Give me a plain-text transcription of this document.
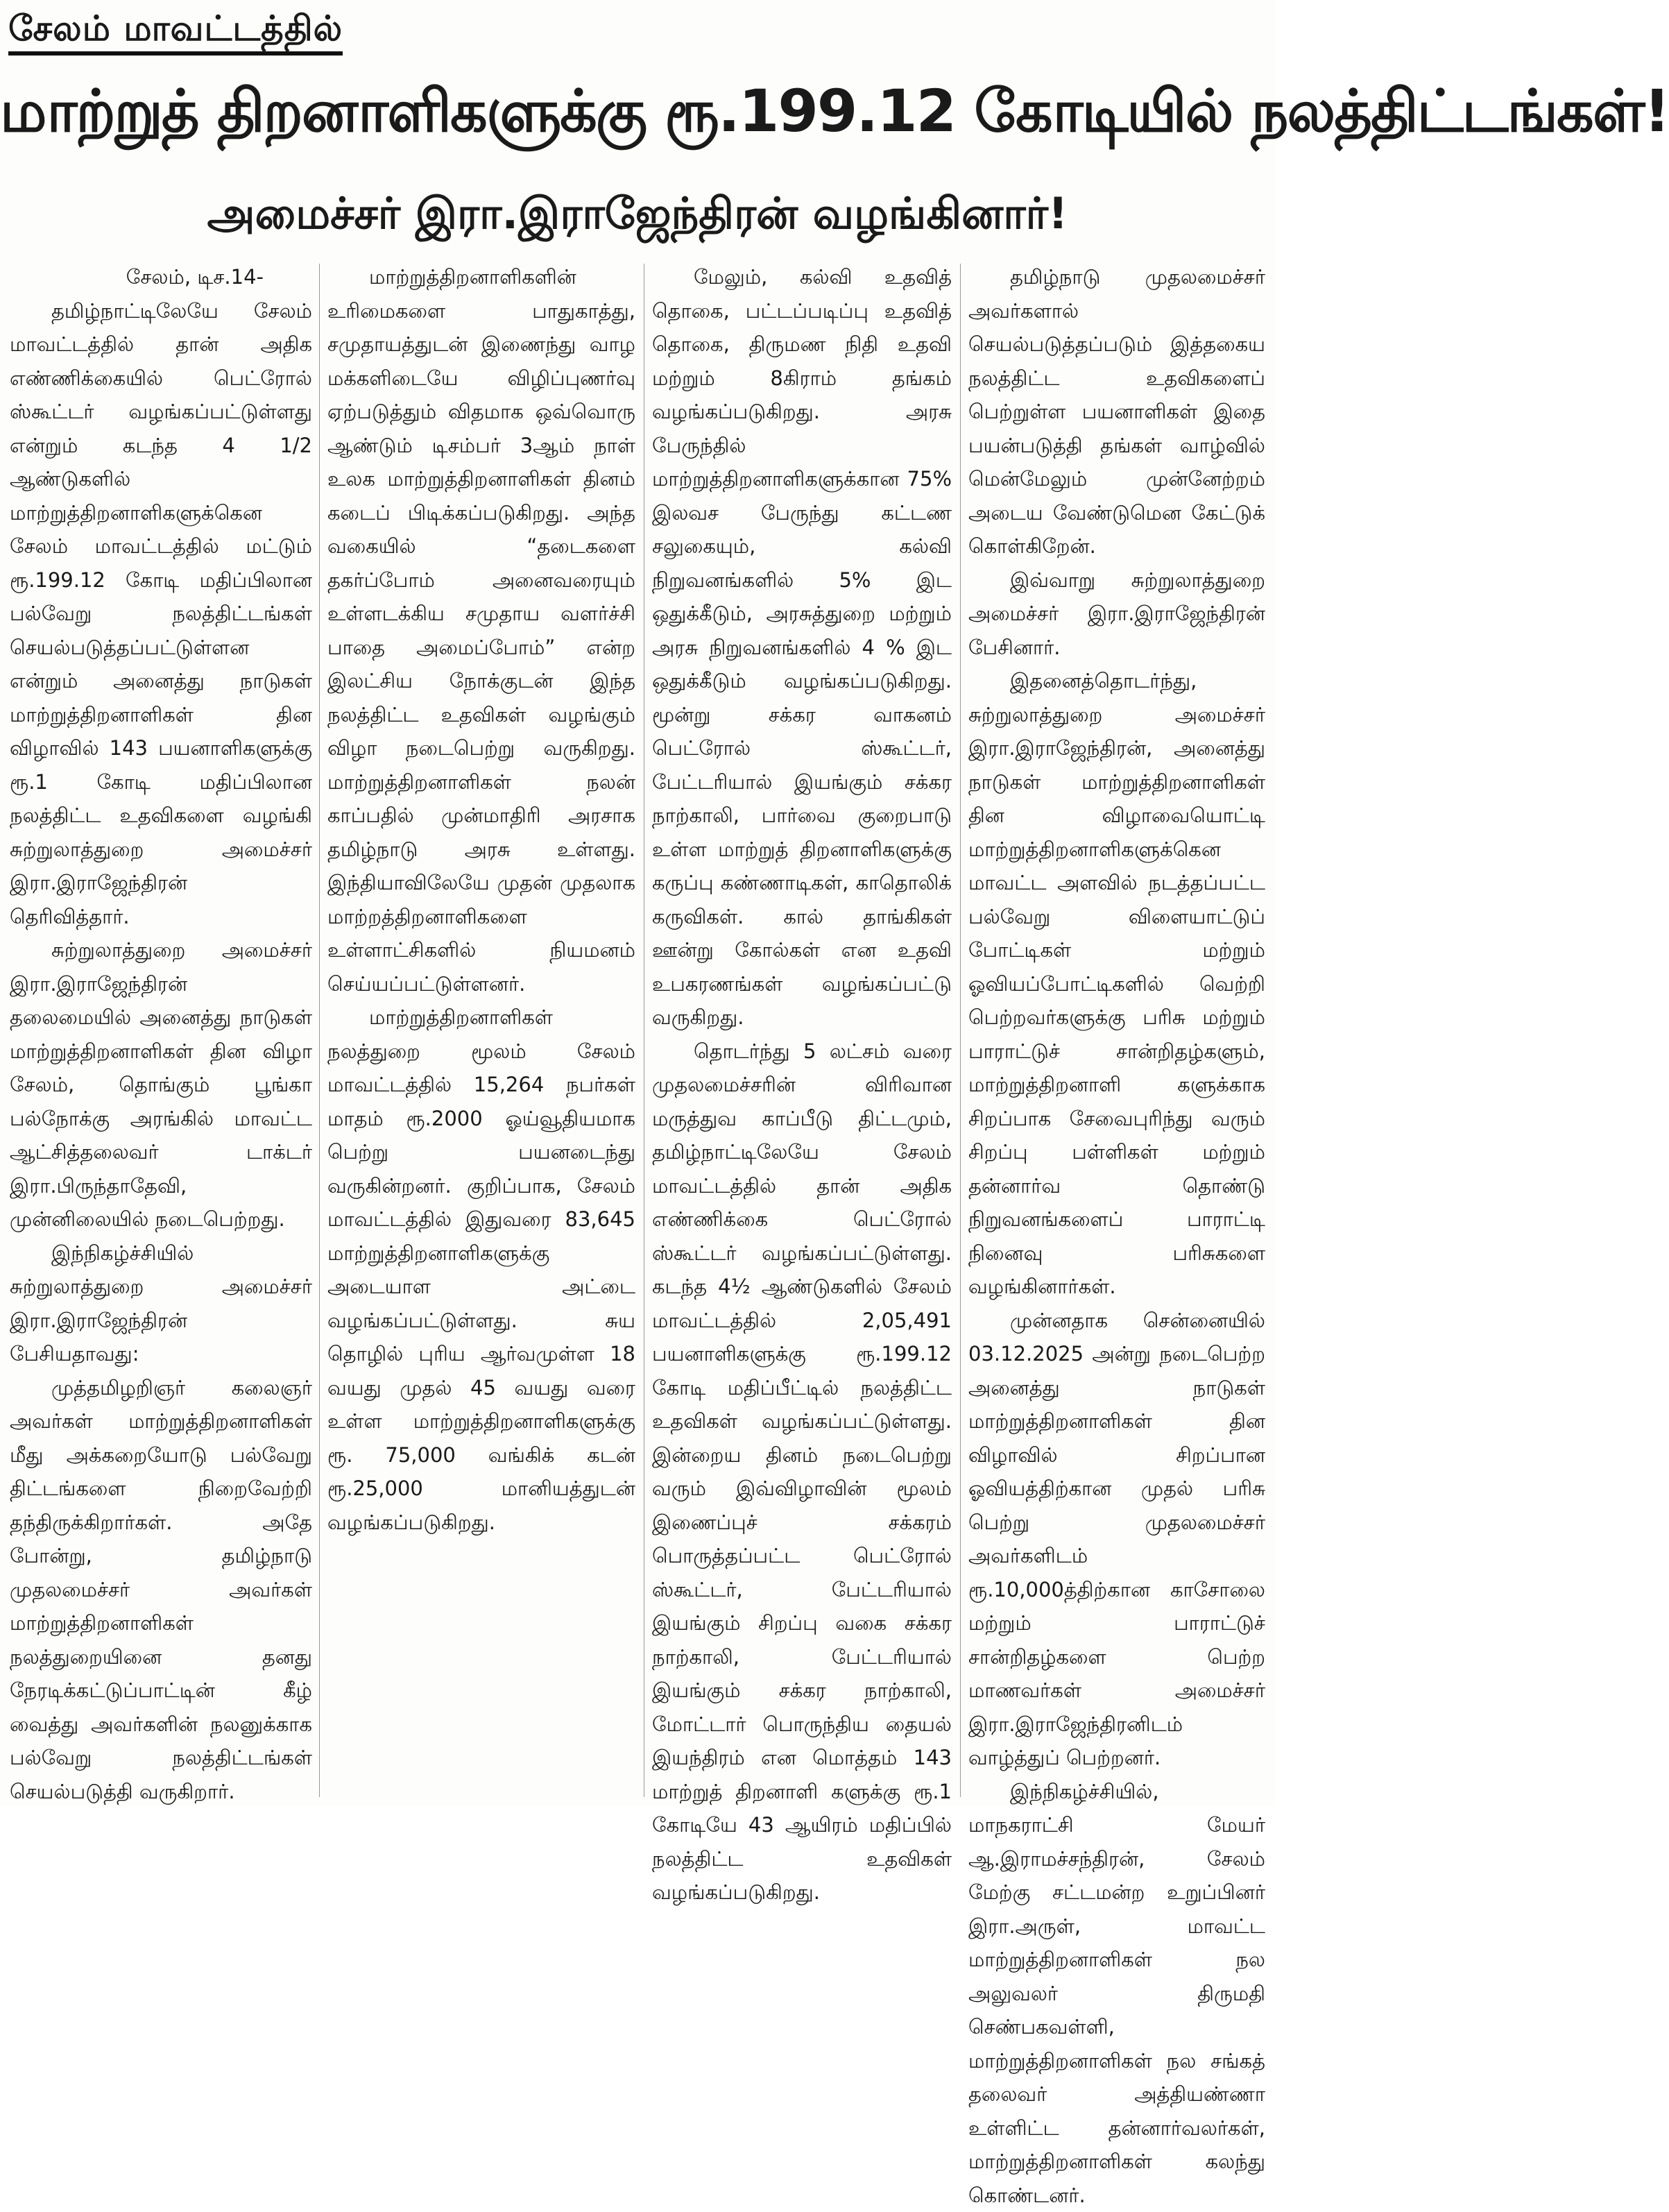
சேலம் மாவட்டத்தில்
மாற்றுத் திறனாளிகளுக்கு ரூ.199.12 கோடியில் நலத்திட்டங்கள்!
அமைச்சர் இரா.இராஜேந்திரன் வழங்கினார்!

சேலம், டிச.14-

தமிழ்நாட்டிலேயே சேலம் மாவட்டத்தில் தான் அதிக எண்ணிக்கையில் பெட்ரோல் ஸ்கூட்டர் வழங்கப்பட்டுள்ளது என்றும் கடந்த 4 1/2 ஆண்டுகளில் மாற்றுத்திறனாளிகளுக்கென சேலம் மாவட்டத்தில் மட்டும் ரூ.199.12 கோடி மதிப்பிலான பல்வேறு நலத்திட்டங்கள் செயல்படுத்தப்பட்டுள்ளன என்றும் அனைத்து நாடுகள் மாற்றுத்திறனாளிகள் தின விழாவில் 143 பயனாளிகளுக்கு ரூ.1 கோடி மதிப்பிலான நலத்திட்ட உதவிகளை வழங்கி சுற்றுலாத்துறை அமைச்சர் இரா.இராஜேந்திரன் தெரிவித்தார்.

சுற்றுலாத்துறை அமைச்சர் இரா.இராஜேந்திரன் தலைமையில் அனைத்து நாடுகள் மாற்றுத்திறனாளிகள் தின விழா சேலம், தொங்கும் பூங்கா பல்நோக்கு அரங்கில் மாவட்ட ஆட்சித்தலைவர் டாக்டர் இரா.பிருந்தாதேவி, முன்னிலையில் நடைபெற்றது.

இந்நிகழ்ச்சியில் சுற்றுலாத்துறை அமைச்சர் இரா.இராஜேந்திரன் பேசியதாவது:

முத்தமிழறிஞர் கலைஞர் அவர்கள் மாற்றுத்திறனாளிகள் மீது அக்கறையோடு பல்வேறு திட்டங்களை நிறைவேற்றி தந்திருக்கிறார்கள். அதே போன்று, தமிழ்நாடு முதலமைச்சர் அவர்கள் மாற்றுத்திறனாளிகள் நலத்துறையினை தனது நேரடிக்கட்டுப்பாட்டின் கீழ் வைத்து அவர்களின் நலனுக்காக பல்வேறு நலத்திட்டங்கள் செயல்படுத்தி வருகிறார்.

மாற்றுத்திறனாளிகளின் உரிமைகளை பாதுகாத்து, சமுதாயத்துடன் இணைந்து வாழ மக்களிடையே விழிப்புணர்வு ஏற்படுத்தும் விதமாக ஒவ்வொரு ஆண்டும் டிசம்பர் 3ஆம் நாள் உலக மாற்றுத்திறனாளிகள் தினம் கடைப் பிடிக்கப்படுகிறது. அந்த வகையில் “தடைகளை தகர்ப்போம் அனைவரையும் உள்ளடக்கிய சமுதாய வளர்ச்சி பாதை அமைப்போம்” என்ற இலட்சிய நோக்குடன் இந்த நலத்திட்ட உதவிகள் வழங்கும் விழா நடைபெற்று வருகிறது. மாற்றுத்திறனாளிகள் நலன் காப்பதில் முன்மாதிரி அரசாக தமிழ்நாடு அரசு உள்ளது. இந்தியாவிலேயே முதன் முதலாக மாற்றத்திறனாளிகளை உள்ளாட்சிகளில் நியமனம் செய்யப்பட்டுள்ளனர்.

மாற்றுத்திறனாளிகள் நலத்துறை மூலம் சேலம் மாவட்டத்தில் 15,264 நபர்கள் மாதம் ரூ.2000 ஓய்வூதியமாக பெற்று பயனடைந்து வருகின்றனர். குறிப்பாக, சேலம் மாவட்டத்தில் இதுவரை 83,645 மாற்றுத்திறனாளிகளுக்கு அடையாள அட்டை வழங்கப்பட்டுள்ளது. சுய தொழில் புரிய ஆர்வமுள்ள 18 வயது முதல் 45 வயது வரை உள்ள மாற்றுத்திறனாளிகளுக்கு ரூ. 75,000 வங்கிக் கடன் ரூ.25,000 மானியத்துடன் வழங்கப்படுகிறது.

மேலும், கல்வி உதவித் தொகை, பட்டப்படிப்பு உதவித் தொகை, திருமண நிதி உதவி மற்றும் 8கிராம் தங்கம் வழங்கப்படுகிறது. அரசு பேருந்தில் மாற்றுத்திறனாளிகளுக்கான 75% இலவச பேருந்து கட்டண சலுகையும், கல்வி நிறுவனங்களில் 5% இட ஒதுக்கீடும், அரசுத்துறை மற்றும் அரசு நிறுவனங்களில் 4 % இட ஒதுக்கீடும் வழங்கப்படுகிறது. மூன்று சக்கர வாகனம் பெட்ரோல் ஸ்கூட்டர், பேட்டரியால் இயங்கும் சக்கர நாற்காலி, பார்வை குறைபாடு உள்ள மாற்றுத் திறனாளிகளுக்கு கருப்பு கண்ணாடிகள், காதொலிக் கருவிகள். கால் தாங்கிகள் ஊன்று கோல்கள் என உதவி உபகரணங்கள் வழங்கப்பட்டு வருகிறது.

தொடர்ந்து 5 லட்சம் வரை முதலமைச்சரின் விரிவான மருத்துவ காப்பீடு திட்டமும், தமிழ்நாட்டிலேயே சேலம் மாவட்டத்தில் தான் அதிக எண்ணிக்கை பெட்ரோல் ஸ்கூட்டர் வழங்கப்பட்டுள்ளது. கடந்த 4½ ஆண்டுகளில் சேலம் மாவட்டத்தில் 2,05,491 பயனாளிகளுக்கு ரூ.199.12 கோடி மதிப்பீட்டில் நலத்திட்ட உதவிகள் வழங்கப்பட்டுள்ளது. இன்றைய தினம் நடைபெற்று வரும் இவ்விழாவின் மூலம் இணைப்புச் சக்கரம் பொருத்தப்பட்ட பெட்ரோல் ஸ்கூட்டர், பேட்டரியால் இயங்கும் சிறப்பு வகை சக்கர நாற்காலி, பேட்டரியால் இயங்கும் சக்கர நாற்காலி, மோட்டார் பொருந்திய தையல் இயந்திரம் என மொத்தம் 143 மாற்றுத் திறனாளி களுக்கு ரூ.1 கோடியே 43 ஆயிரம் மதிப்பில் நலத்திட்ட உதவிகள் வழங்கப்படுகிறது.

தமிழ்நாடு முதலமைச்சர் அவர்களால் செயல்படுத்தப்படும் இத்தகைய நலத்திட்ட உதவிகளைப் பெற்றுள்ள பயனாளிகள் இதை பயன்படுத்தி தங்கள் வாழ்வில் மென்மேலும் முன்னேற்றம் அடைய வேண்டுமென கேட்டுக் கொள்கிறேன்.

இவ்வாறு சுற்றுலாத்துறை அமைச்சர் இரா.இராஜேந்திரன் பேசினார்.

இதனைத்தொடர்ந்து, சுற்றுலாத்துறை அமைச்சர் இரா.இராஜேந்திரன், அனைத்து நாடுகள் மாற்றுத்திறனாளிகள் தின விழாவையொட்டி மாற்றுத்திறனாளிகளுக்கென மாவட்ட அளவில் நடத்தப்பட்ட பல்வேறு விளையாட்டுப் போட்டிகள் மற்றும் ஓவியப்போட்டிகளில் வெற்றி பெற்றவர்களுக்கு பரிசு மற்றும் பாராட்டுச் சான்றிதழ்களும், மாற்றுத்திறனாளி களுக்காக சிறப்பாக சேவைபுரிந்து வரும் சிறப்பு பள்ளிகள் மற்றும் தன்னார்வ தொண்டு நிறுவனங்களைப் பாராட்டி நினைவு பரிசுகளை வழங்கினார்கள்.

முன்னதாக சென்னையில் 03.12.2025 அன்று நடைபெற்ற அனைத்து நாடுகள் மாற்றுத்திறனாளிகள் தின விழாவில் சிறப்பான ஓவியத்திற்கான முதல் பரிசு பெற்று முதலமைச்சர் அவர்களிடம் ரூ.10,000த்திற்கான காசோலை மற்றும் பாராட்டுச் சான்றிதழ்களை பெற்ற மாணவர்கள் அமைச்சர் இரா.இராஜேந்திரனிடம் வாழ்த்துப் பெற்றனர்.

இந்நிகழ்ச்சியில், மாநகராட்சி மேயர் ஆ.இராமச்சந்திரன், சேலம் மேற்கு சட்டமன்ற உறுப்பினர் இரா.அருள், மாவட்ட மாற்றுத்திறனாளிகள் நல அலுவலர் திருமதி செண்பகவள்ளி, மாற்றுத்திறனாளிகள் நல சங்கத் தலைவர் அத்தியண்ணா உள்ளிட்ட தன்னார்வலர்கள், மாற்றுத்திறனாளிகள் கலந்து கொண்டனர்.
